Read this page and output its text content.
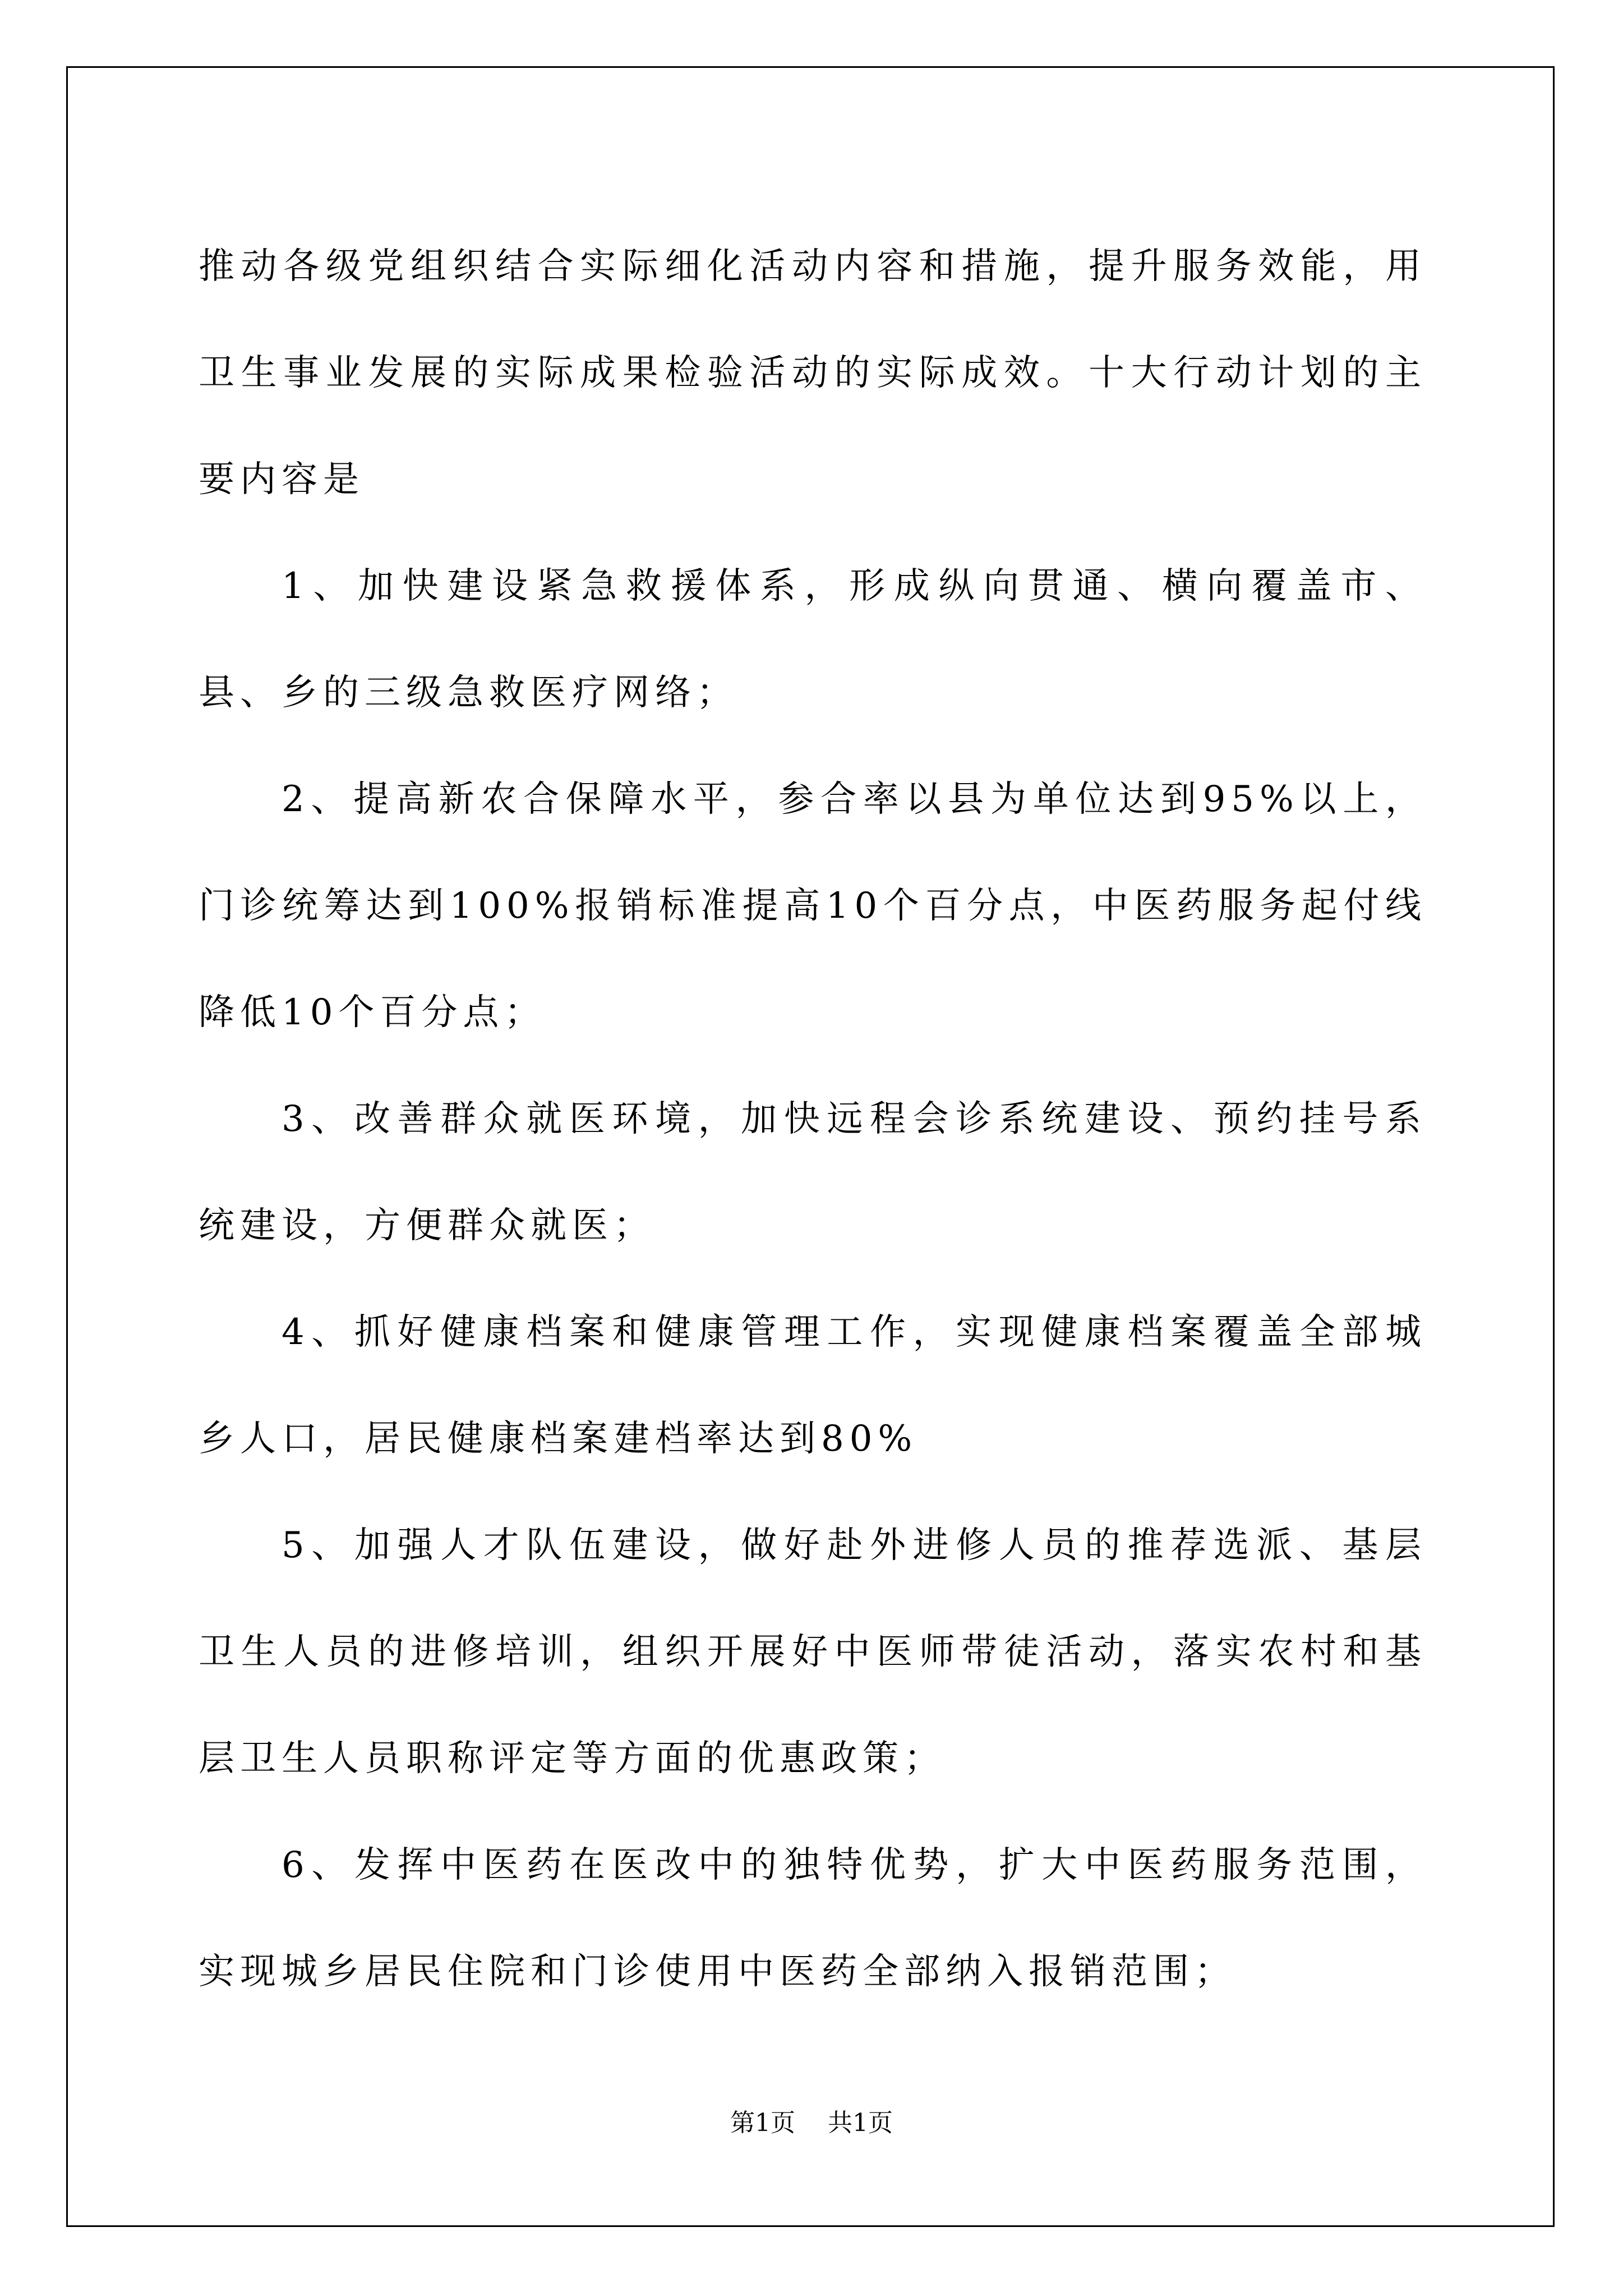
推动各级党组织结合实际细化活动内容和措施，提升服务效能，用卫生事业发展的实际成果检验活动的实际成效。十大行动计划的主要内容是

1、加快建设紧急救援体系，形成纵向贯通、横向覆盖市、县、乡的三级急救医疗网络；

2、提高新农合保障水平，参合率以县为单位达到95%以上，门诊统筹达到100%报销标准提高10个百分点，中医药服务起付线降低10个百分点；

3、改善群众就医环境，加快远程会诊系统建设、预约挂号系统建设，方便群众就医；

4、抓好健康档案和健康管理工作，实现健康档案覆盖全部城乡人口，居民健康档案建档率达到80%

5、加强人才队伍建设，做好赴外进修人员的推荐选派、基层卫生人员的进修培训，组织开展好中医师带徒活动，落实农村和基层卫生人员职称评定等方面的优惠政策；

6、发挥中医药在医改中的独特优势，扩大中医药服务范围，实现城乡居民住院和门诊使用中医药全部纳入报销范围；

第1页 共1页
